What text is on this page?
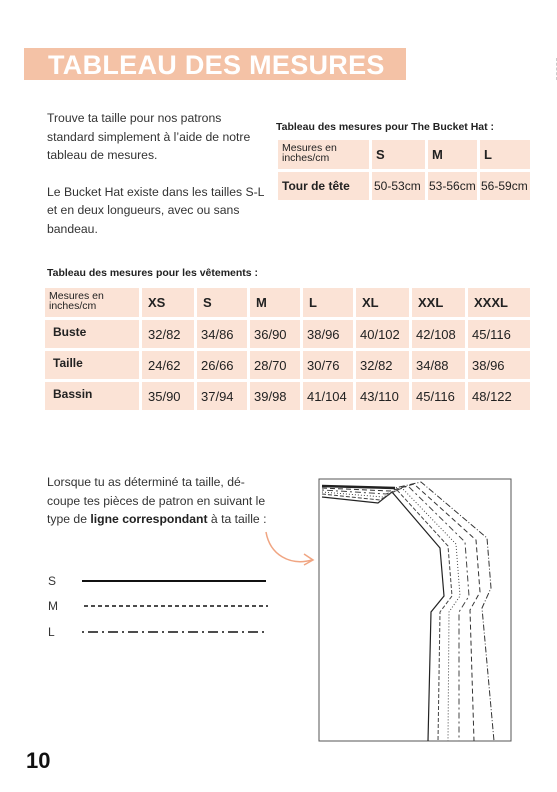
TABLEAU DES MESURES

Trouve ta taille pour nos patrons standard simplement à l’aide de notre tableau de mesures.

Le Bucket Hat existe dans les tailles S-L et en deux longueurs, avec ou sans bandeau.

Tableau des mesures pour The Bucket Hat :
Mesures en inches/cm	S	M	L
Tour de tête	50-53cm 53-56cm 56-59cm
Tableau des mesures pour les vêtements :
Mesures en inches/cm	XS	S	M	L	XL	XXL	XXXL
Buste	32/82	34/86	36/90	38/96	40/102	42/108	45/116
Taille	24/62	26/66	28/70	30/76	32/82	34/88	38/96
Bassin	35/90	37/94	39/98	41/104	43/110	45/116	48/122
Lorsque tu as déterminé ta taille, dé-coupe tes pièces de patron en suivant le type de ligne correspondant à ta taille :
S
M
L
10
